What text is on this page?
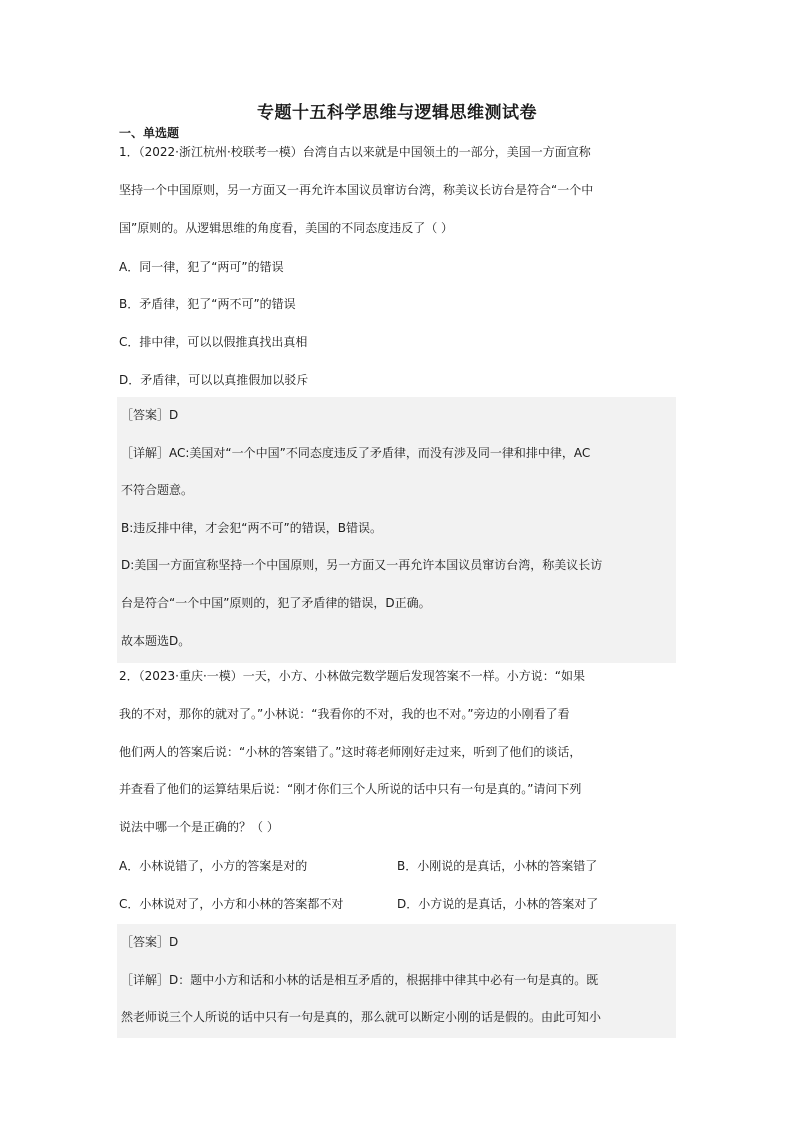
专题十五科学思维与逻辑思维测试卷
一、单选题

1．（2022·浙江杭州·校联考一模）台湾自古以来就是中国领土的一部分，美国一方面宣称

坚持一个中国原则，另一方面又一再允许本国议员窜访台湾，称美议长访台是符合“一个中

国”原则的。从逻辑思维的角度看，美国的不同态度违反了（ ）

A．同一律，犯了“两可”的错误
B．矛盾律，犯了“两不可”的错误
C．排中律，可以以假推真找出真相
D．矛盾律，可以以真推假加以驳斥

［答案］D

［详解］AC:美国对“一个中国”不同态度违反了矛盾律，而没有涉及同一律和排中律，AC

不符合题意。

B:违反排中律，才会犯“两不可”的错误，B错误。

D:美国一方面宣称坚持一个中国原则，另一方面又一再允许本国议员窜访台湾，称美议长访

台是符合“一个中国”原则的，犯了矛盾律的错误，D正确。

故本题选D。

2．（2023·重庆·一模）一天，小方、小林做完数学题后发现答案不一样。小方说：“如果

我的不对，那你的就对了。”小林说：“我看你的不对，我的也不对。”旁边的小刚看了看

他们两人的答案后说：“小林的答案错了。”这时蒋老师刚好走过来，听到了他们的谈话，

并查看了他们的运算结果后说：“刚才你们三个人所说的话中只有一句是真的。”请问下列

说法中哪一个是正确的？（ ）

A．小林说错了，小方的答案是对的	B．小刚说的是真话，小林的答案错了
C．小林说对了，小方和小林的答案都不对	D．小方说的是真话，小林的答案对了

［答案］D

［详解］D：题中小方和话和小林的话是相互矛盾的，根据排中律其中必有一句是真的。既

然老师说三个人所说的话中只有一句是真的，那么就可以断定小刚的话是假的。由此可知小
